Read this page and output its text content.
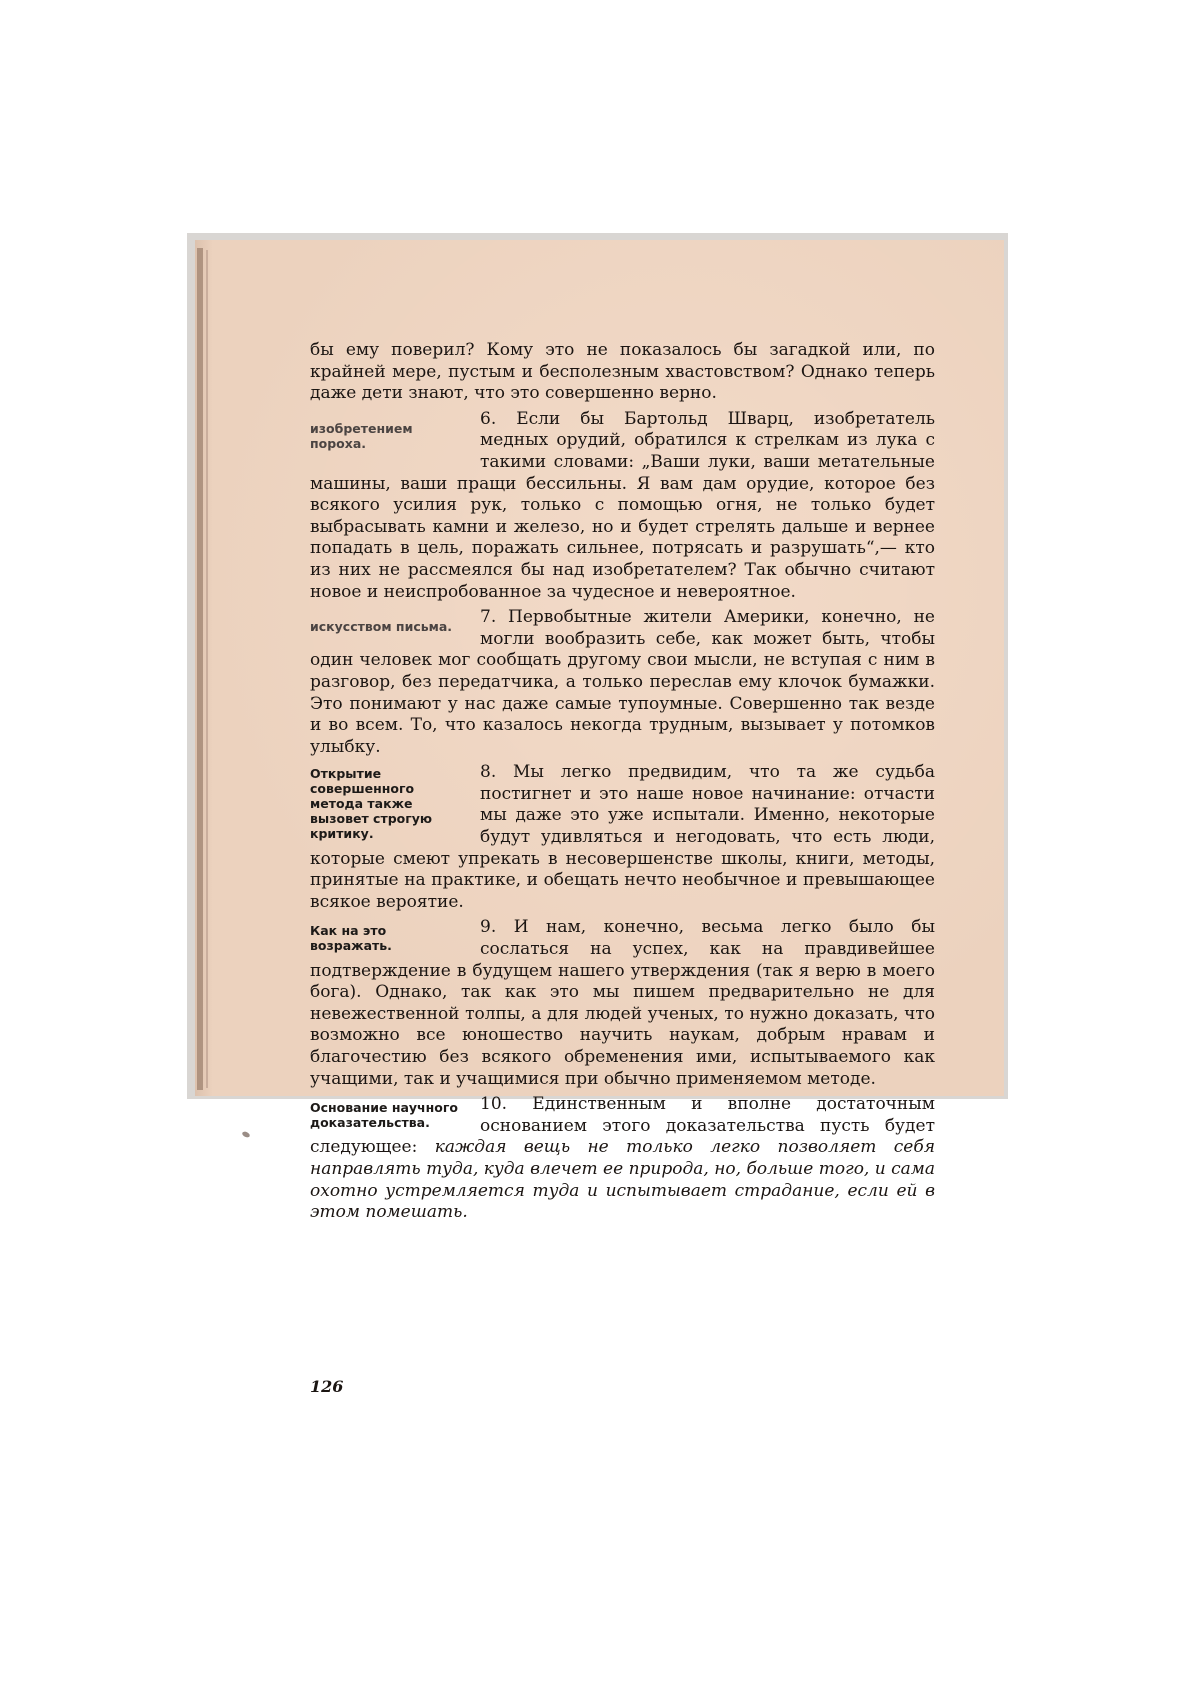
бы ему поверил? Кому это не показалось бы загадкой или, по крайней мере, пустым и бесполезным хвастовством? Однако теперь даже дети знают, что это совершенно верно.

изобретением пороха.

6. Если бы Бартольд Шварц, изобретатель медных орудий, обратился к стрелкам из лука с такими словами: „Ваши луки, ваши метательные машины, ваши пращи бессильны. Я вам дам орудие, которое без всякого усилия рук, только с помощью огня, не только будет выбрасывать камни и железо, но и будет стрелять дальше и вернее попадать в цель, поражать сильнее, потрясать и разрушать“,— кто из них не рассмеялся бы над изобретателем? Так обычно считают новое и неиспробованное за чудесное и невероятное.

искусством письма.	7. Первобытные жители Америки, конечно, не могли вообразить себе, как может быть, чтобы один человек мог сообщать другому свои мысли, не вступая с ним в разговор, без передатчика, а только переслав ему клочок бумажки. Это понимают у нас даже самые тупоумные. Совершенно так везде и во всем. То, что казалось некогда трудным, вызывает у потомков улыбку.

Открытие совершенного метода также вызовет строгую критику.

8. Мы легко предвидим, что та же судьба постигнет и это наше новое начинание: отчасти мы даже это уже испытали. Именно, некоторые будут удивляться и негодовать, что есть люди, которые смеют упрекать в несовершенстве школы, книги, методы, принятые на практике, и обещать нечто необычное и превышающее всякое вероятие.

Как на это возражать.

9. И нам, конечно, весьма легко было бы сослаться на успех, как на правдивейшее подтверждение в будущем нашего утверждения (так я верю в моего бога). Однако, так как это мы пишем предварительно не для невежественной толпы, а для людей ученых, то нужно доказать, что возможно все юношество научить наукам, добрым нравам и благочестию без всякого обременения ими, испытываемого как учащими, так и учащимися при обычно применяемом методе.

Основание научного доказательства.

10. Единственным и вполне достаточным основанием этого доказательства пусть будет следующее: каждая вещь не только легко позволяет себя направлять туда, куда влечет ее природа, но, больше того, и сама охотно устремляется туда и испытывает страдание, если ей в этом помешать.

126
